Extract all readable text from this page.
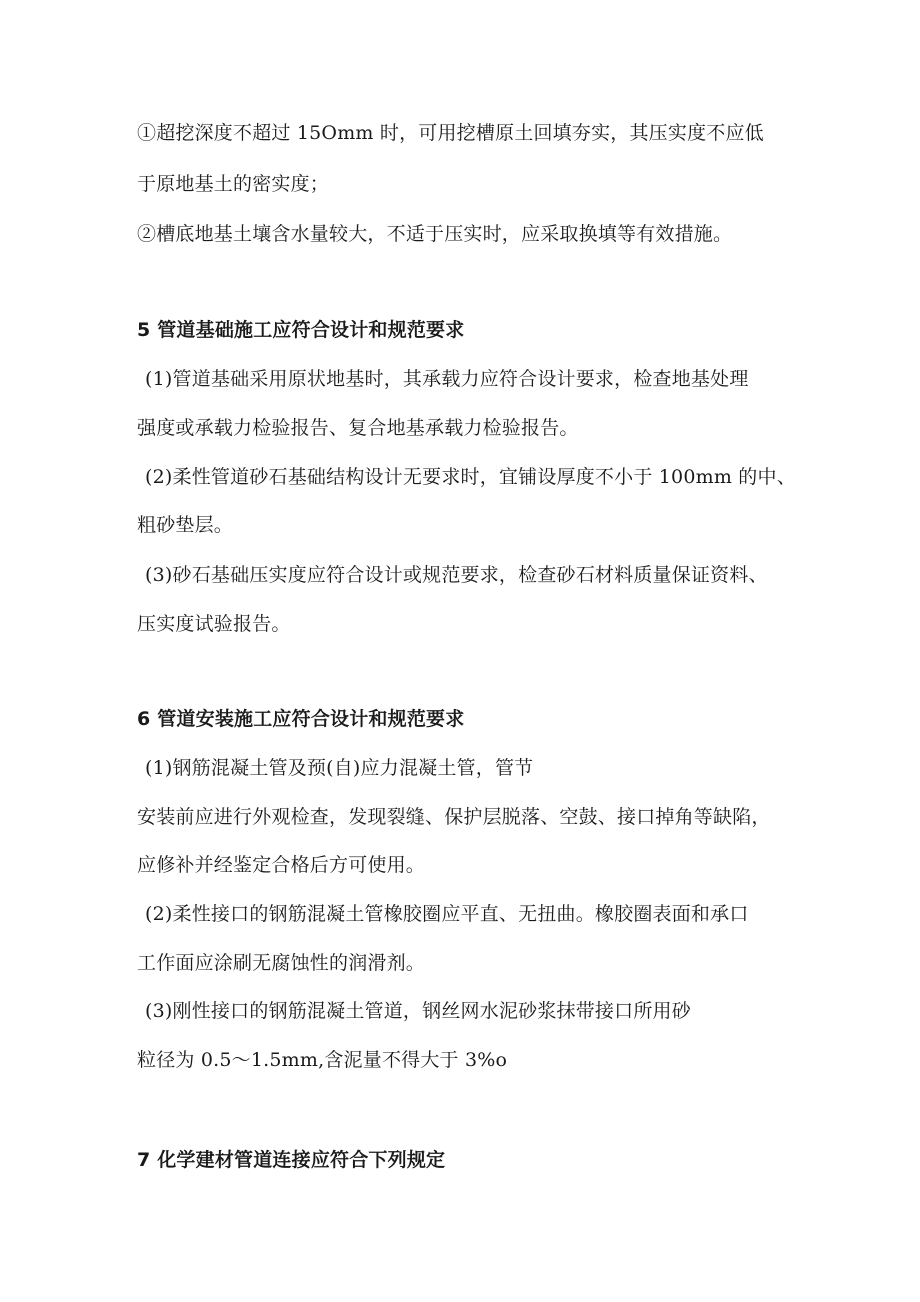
①超挖深度不超过 15Omm 时，可用挖槽原土回填夯实，其压实度不应低
于原地基土的密实度；
②槽底地基土壤含水量较大，不适于压实时，应采取换填等有效措施。
5 管道基础施工应符合设计和规范要求
(1)管道基础采用原状地基时，其承载力应符合设计要求，检查地基处理
强度或承载力检验报告、复合地基承载力检验报告。
(2)柔性管道砂石基础结构设计无要求时，宜铺设厚度不小于 100mm 的中、
粗砂垫层。
(3)砂石基础压实度应符合设计或规范要求，检查砂石材料质量保证资料、
压实度试验报告。
6 管道安装施工应符合设计和规范要求
(1)钢筋混凝土管及预(自)应力混凝土管，管节
安装前应进行外观检查，发现裂缝、保护层脱落、空鼓、接口掉角等缺陷，
应修补并经鉴定合格后方可使用。
(2)柔性接口的钢筋混凝土管橡胶圈应平直、无扭曲。橡胶圈表面和承口
工作面应涂刷无腐蚀性的润滑剂。
(3)刚性接口的钢筋混凝土管道，钢丝网水泥砂浆抹带接口所用砂
粒径为 0.5～1.5mm,含泥量不得大于 3%o
7 化学建材管道连接应符合下列规定
